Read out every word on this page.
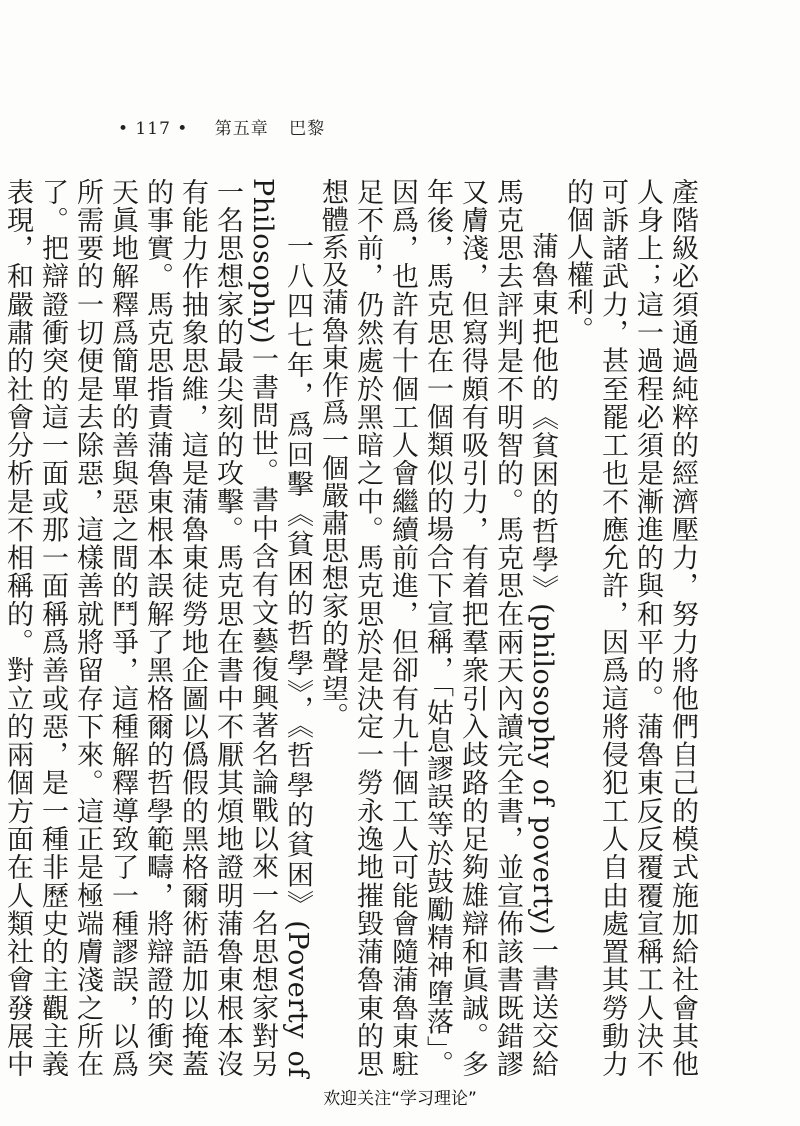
• 117 • 第五章 巴黎

產階級必須通過純粹的經濟壓力，努力將他們自己的模式施加給社會其他人身上；這一過程必須是漸進的與和平的。蒲魯東反反覆覆宣稱工人決不可訴諸武力，甚至罷工也不應允許，因爲這將侵犯工人自由處置其勞動力的個人權利。

蒲魯東把他的《貧困的哲學》(philosophy of poverty)一書送交給馬克思去評判是不明智的。馬克思在兩天內讀完全書，並宣佈該書既錯謬又膚淺，但寫得頗有吸引力，有着把羣衆引入歧路的足夠雄辯和眞誠。多年後，馬克思在一個類似的場合下宣稱，「姑息謬誤等於鼓勵精神墮落」。因爲，也許有十個工人會繼續前進，但卻有九十個工人可能會隨蒲魯東駐足不前，仍然處於黑暗之中。馬克思於是決定一勞永逸地摧毀蒲魯東的思想體系及蒲魯東作爲一個嚴肅思想家的聲望。

一八四七年，爲回擊《貧困的哲學》，《哲學的貧困》(Poverty of Philosophy)一書問世。書中含有文藝復興著名論戰以來一名思想家對另一名思想家的最尖刻的攻擊。馬克思在書中不厭其煩地證明蒲魯東根本沒有能力作抽象思維，這是蒲魯東徒勞地企圖以僞假的黑格爾術語加以掩蓋的事實。馬克思指責蒲魯東根本誤解了黑格爾的哲學範疇，將辯證的衝突天眞地解釋爲簡單的善與惡之間的鬥爭，這種解釋導致了一種謬誤，以爲所需要的一切便是去除惡，這樣善就將留存下來。這正是極端膚淺之所在了。把辯證衝突的這一面或那一面稱爲善或惡，是一種非歷史的主觀主義表現，和嚴肅的社會分析是不相稱的。對立的兩個方面在人類社會發展中

欢迎关注“学习理论”
